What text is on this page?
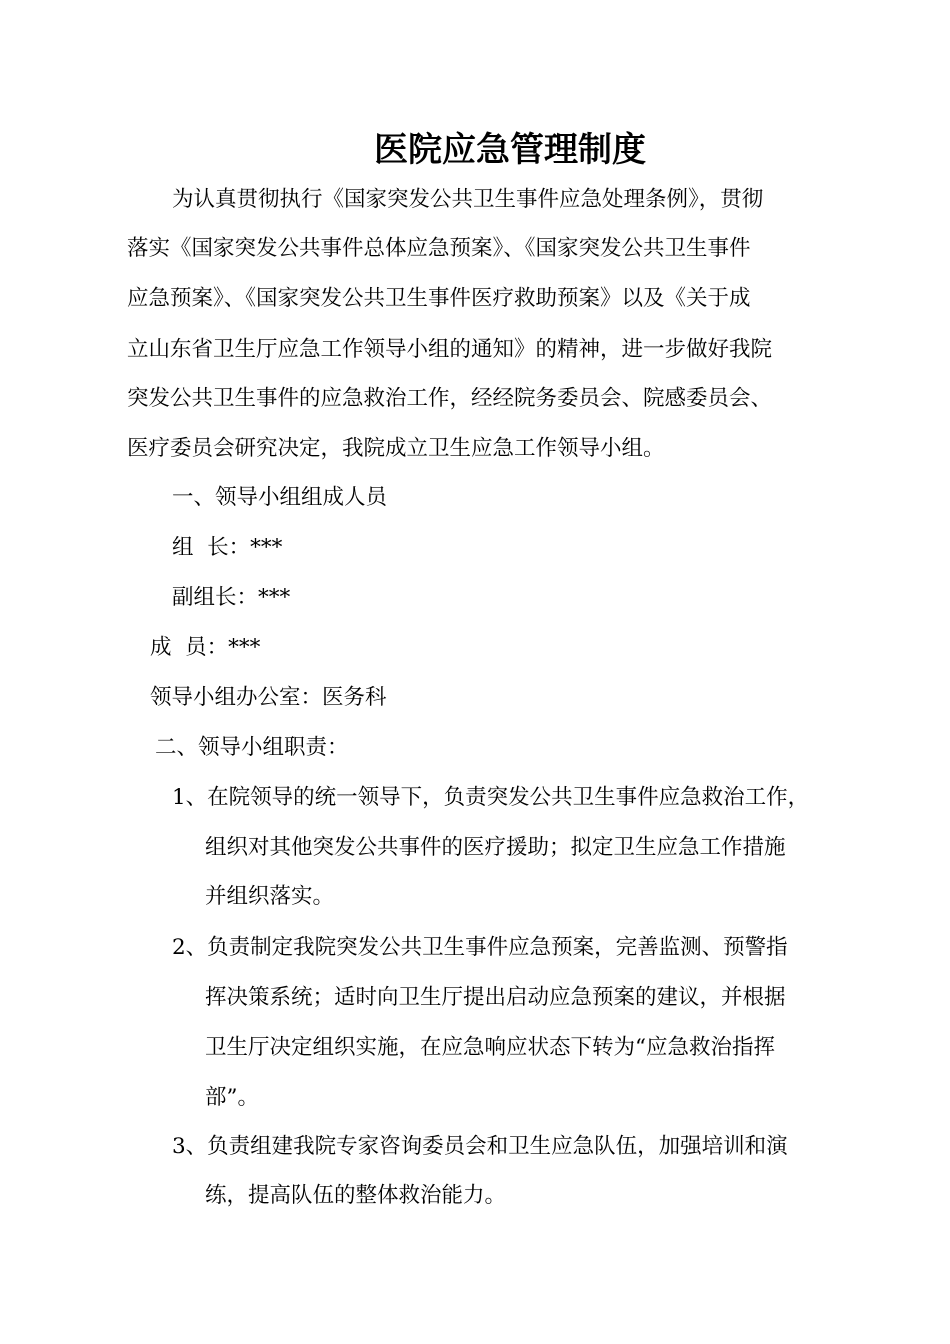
医院应急管理制度
为认真贯彻执行《国家突发公共卫生事件应急处理条例》，贯彻
落实《国家突发公共事件总体应急预案》、《国家突发公共卫生事件
应急预案》、《国家突发公共卫生事件医疗救助预案》以及《关于成
立山东省卫生厅应急工作领导小组的通知》的精神，进一步做好我院
突发公共卫生事件的应急救治工作，经经院务委员会、院感委员会、
医疗委员会研究决定，我院成立卫生应急工作领导小组。
一、领导小组组成人员
组  长：***
副组长：***
成  员：***
领导小组办公室：医务科
二、领导小组职责：
1、在院领导的统一领导下，负责突发公共卫生事件应急救治工作，
组织对其他突发公共事件的医疗援助；拟定卫生应急工作措施
并组织落实。
2、负责制定我院突发公共卫生事件应急预案，完善监测、预警指
挥决策系统；适时向卫生厅提出启动应急预案的建议，并根据
卫生厅决定组织实施，在应急响应状态下转为“应急救治指挥
部”。
3、负责组建我院专家咨询委员会和卫生应急队伍，加强培训和演
练，提高队伍的整体救治能力。
